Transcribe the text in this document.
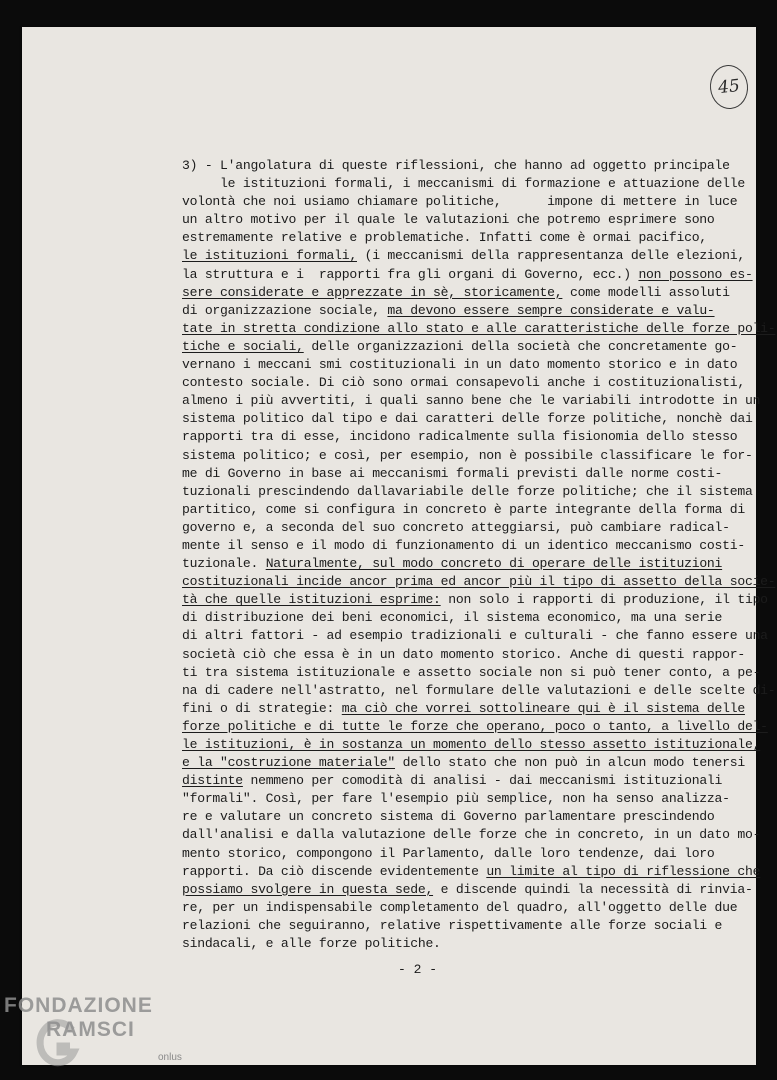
45
3) - L'angolatura di queste riflessioni, che hanno ad oggetto principale
le istituzioni formali, i meccanismi di formazione e attuazione delle
volontà che noi usiamo chiamare politiche,      impone di mettere in luce
un altro motivo per il quale le valutazioni che potremo esprimere sono
estremamente relative e problematiche. Infatti come è ormai pacifico,
le istituzioni formali, (i meccanismi della rappresentanza delle elezioni,
la struttura e i  rapporti fra gli organi di Governo, ecc.) non possono es-
sere considerate e apprezzate in sè, storicamente, come modelli assoluti
di organizzazione sociale, ma devono essere sempre considerate e valu-
tate in stretta condizione allo stato e alle caratteristiche delle forze poli-
tiche e sociali, delle organizzazioni della società che concretamente go-
vernano i meccani smi costituzionali in un dato momento storico e in dato
contesto sociale. Di ciò sono ormai consapevoli anche i costituzionalisti,
almeno i più avvertiti, i quali sanno bene che le variabili introdotte in un
sistema politico dal tipo e dai caratteri delle forze politiche, nonchè dai
rapporti tra di esse, incidono radicalmente sulla fisionomia dello stesso
sistema politico; e così, per esempio, non è possibile classificare le for-
me di Governo in base ai meccanismi formali previsti dalle norme costi-
tuzionali prescindendo dallavariabile delle forze politiche; che il sistema
partitico, come si configura in concreto è parte integrante della forma di
governo e, a seconda del suo concreto atteggiarsi, può cambiare radical-
mente il senso e il modo di funzionamento di un identico meccanismo costi-
tuzionale. Naturalmente, sul modo concreto di operare delle istituzioni
costituzionali incide ancor prima ed ancor più il tipo di assetto della socie-
tà che quelle istituzioni esprime: non solo i rapporti di produzione, il tipo
di distribuzione dei beni economici, il sistema economico, ma una serie
di altri fattori - ad esempio tradizionali e culturali - che fanno essere una
società ciò che essa è in un dato momento storico. Anche di questi rappor-
ti tra sistema istituzionale e assetto sociale non si può tener conto, a pe-
na di cadere nell'astratto, nel formulare delle valutazioni e delle scelte di-
fini o di strategie: ma ciò che vorrei sottolineare qui è il sistema delle
forze politiche e di tutte le forze che operano, poco o tanto, a livello del-
le istituzioni, è in sostanza un momento dello stesso assetto istituzionale,
e la "costruzione materiale" dello stato che non può in alcun modo tenersi
distinte nemmeno per comodità di analisi - dai meccanismi istituzionali
"formali". Così, per fare l'esempio più semplice, non ha senso analizza-
re e valutare un concreto sistema di Governo parlamentare prescindendo
dall'analisi e dalla valutazione delle forze che in concreto, in un dato mo-
mento storico, compongono il Parlamento, dalle loro tendenze, dai loro
rapporti. Da ciò discende evidentemente un limite al tipo di riflessione che
possiamo svolgere in questa sede, e discende quindi la necessità di rinvia-
re, per un indispensabile completamento del quadro, all'oggetto delle due
relazioni che seguiranno, relative rispettivamente alle forze sociali e
sindacali, e alle forze politiche.
- 2 -
FONDAZIONE
RAMSCI
onlus
